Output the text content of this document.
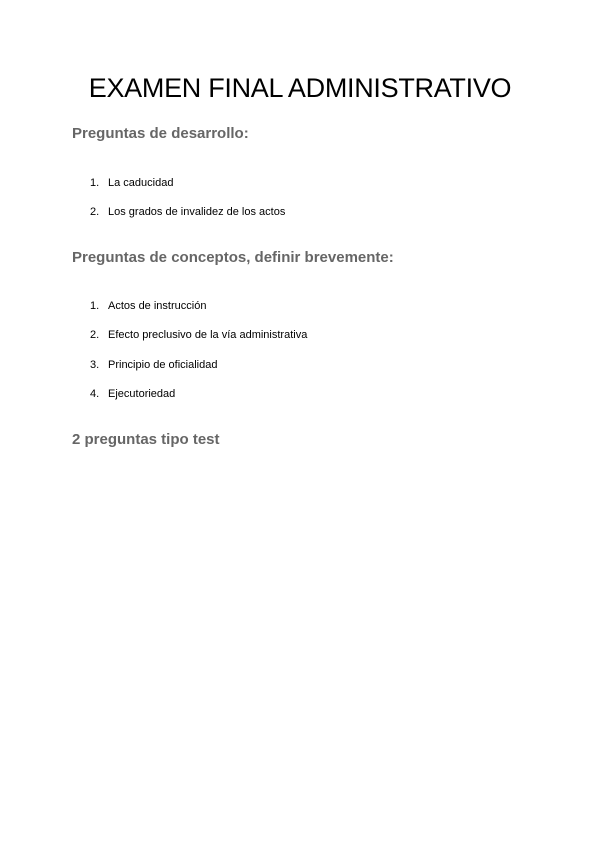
EXAMEN FINAL ADMINISTRATIVO
Preguntas de desarrollo:
1. La caducidad
2. Los grados de invalidez de los actos
Preguntas de conceptos, definir brevemente:
1. Actos de instrucción
2. Efecto preclusivo de la vía administrativa
3. Principio de oficialidad
4. Ejecutoriedad
2 preguntas tipo test
